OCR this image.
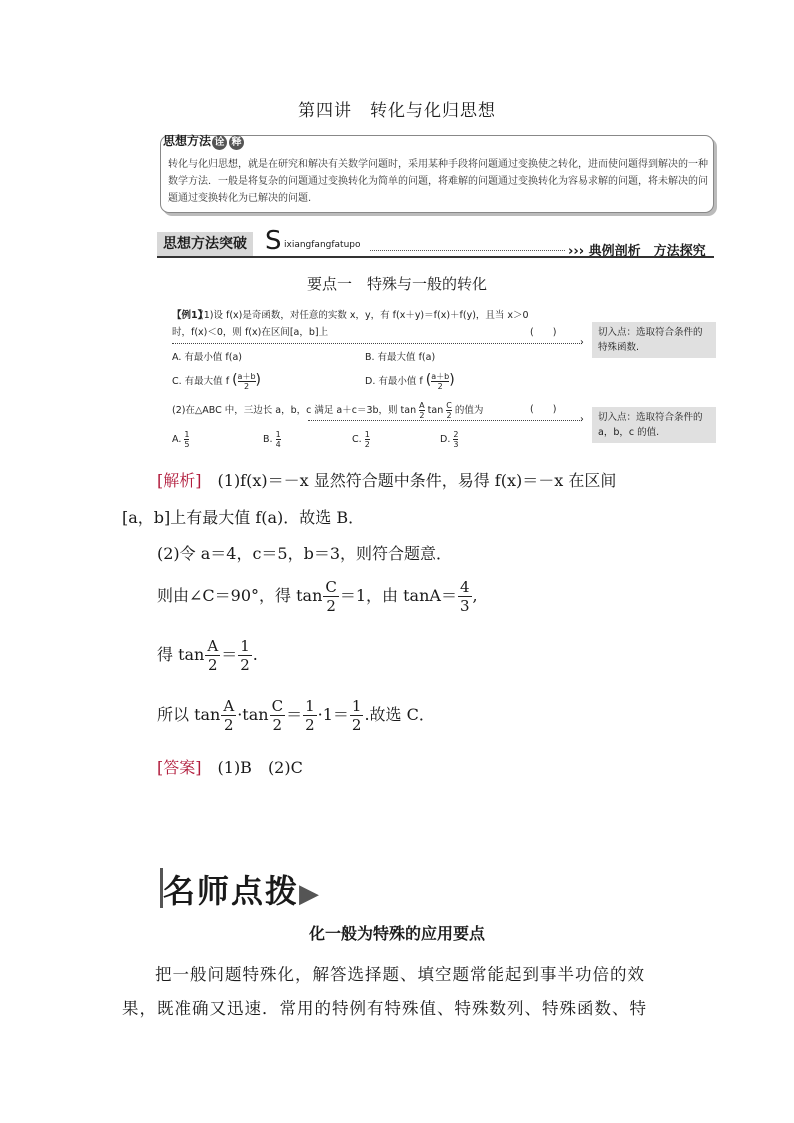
第四讲　转化与化归思想
思想方法 诠 释
转化与化归思想，就是在研究和解决有关数学问题时，采用某种手段将问题通过变换使之转化，进而使问题得到解决的一种数学方法．一般是将复杂的问题通过变换转化为简单的问题，将难解的问题通过变换转化为容易求解的问题，将未解决的问题通过变换转化为已解决的问题.
思想方法突破 S ixiangfangfatupo	››› 典例剖析　方法探究
要点一　特殊与一般的转化
【例1】
(1)设 f(x)是奇函数，对任意的实数 x，y，有 f(x＋y)＝f(x)＋f(y)，且当 x＞0
时，f(x)＜0，则 f(x)在区间[a，b]上	(　　)
›
切入点：选取符合条件的特殊函数.
A. 有最小值 f(a)	B. 有最大值 f(a)
C. 有最大值 f ( $\frac{a+b}{2}$)	D. 有最小值 f ( $\frac{a+b}{2}$)
(2)在△ABC 中，三边长 a，b，c 满足 a＋c＝3b，则 $\tan \frac{A}{2}$ $\tan \frac{C}{2}$ 的值为	(　　)
›	切入点：选取符合条件的 a，b，c 的值.
A. $\frac{1}{5}$	B. $\frac{1}{4}$	C. $\frac{1}{2}$	D. $\frac{2}{3}$
[解析]　 (1)f(x)＝－x 显然符合题中条件，易得 f(x)＝－x 在区间
[a，b]上有最大值 f(a)．故选 B．
(2)令 a＝4，c＝5，b＝3，则符合题意．
则由∠C＝90°，得 $\tan \frac{C}{2} =1$，由 $\tan A= \frac{4}{3}$ ,
得 $\tan \frac{A}{2} = \frac{1}{2}$ .
所以 $\tan \frac{A}{2} \cdot\tan \frac{C}{2} = \frac{1}{2} \cdot 1= \frac{1}{2}$ .故选 C．
[答案]　 (1)B　(2)C
名师点拨▶
化一般为特殊的应用要点
把一般问题特殊化，解答选择题、填空题常能起到事半功倍的效果，既准确又迅速．常用的特例有特殊值、特殊数列、特殊函数、特
